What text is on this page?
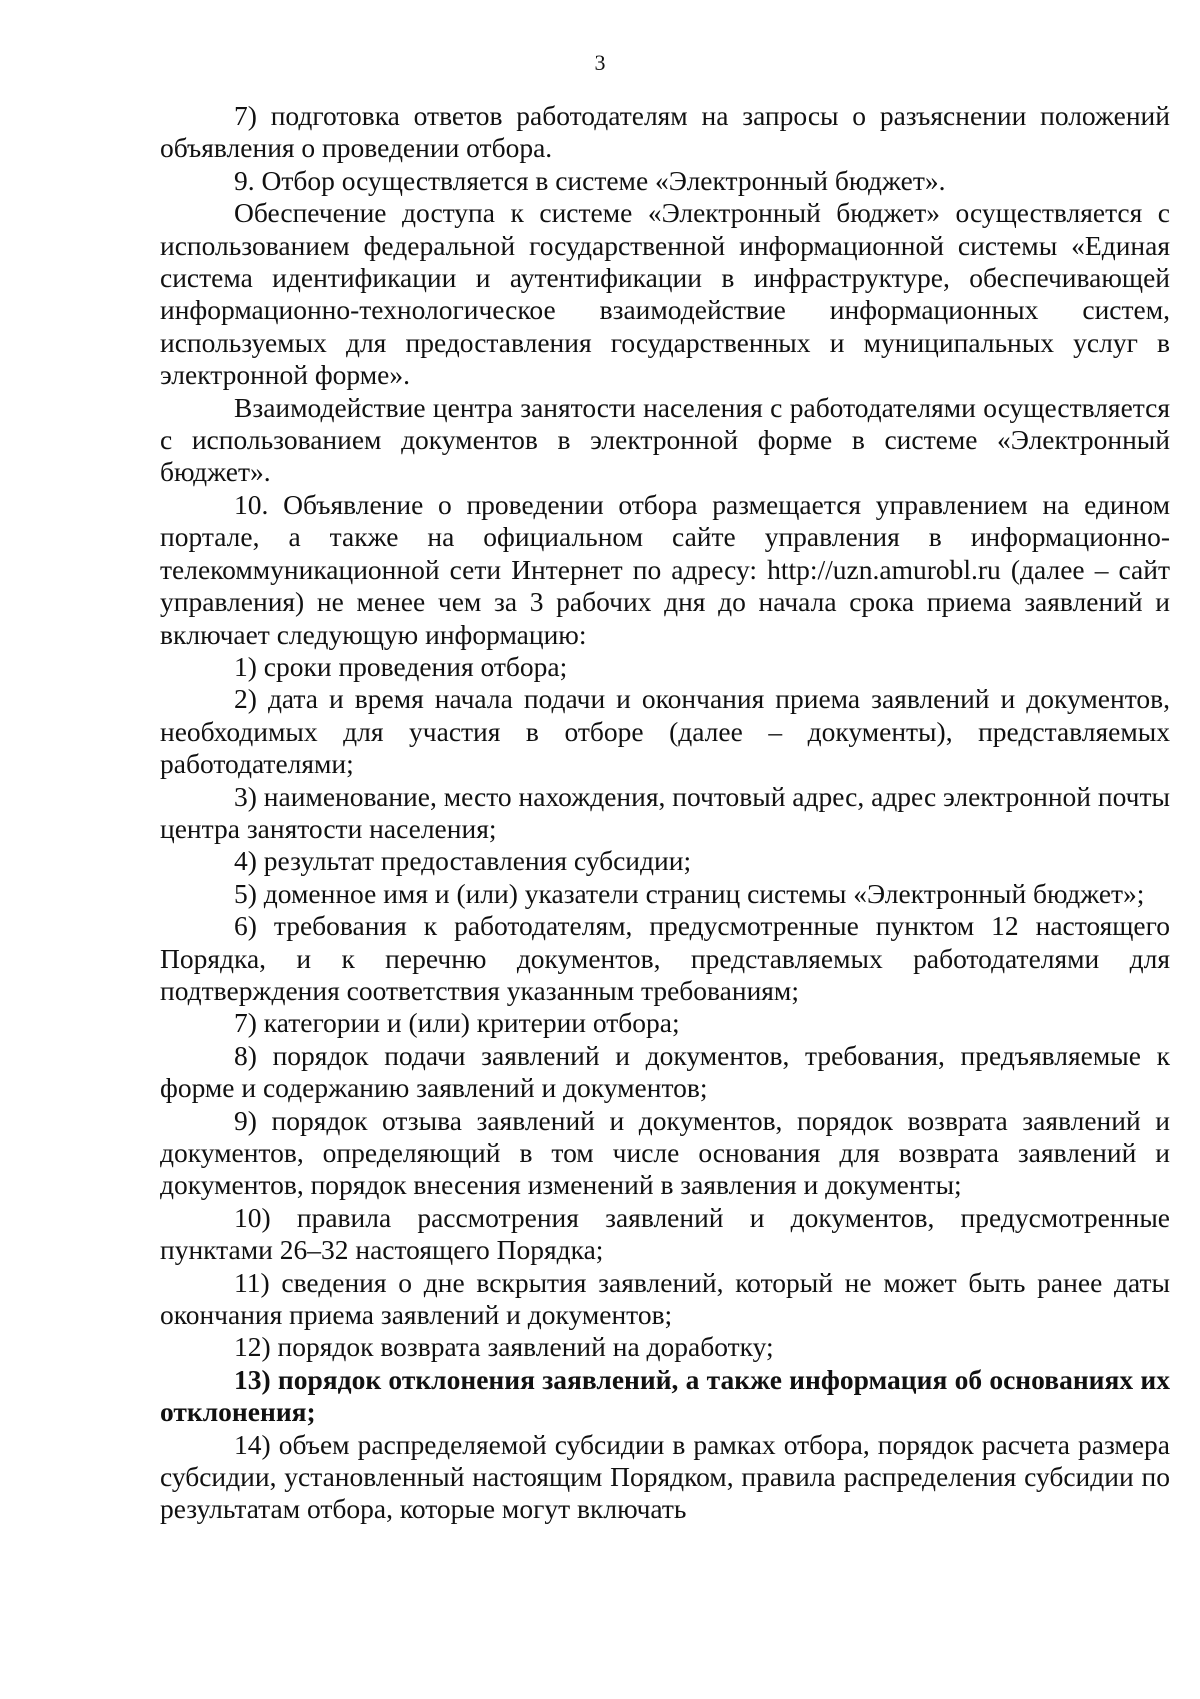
3

7) подготовка ответов работодателям на запросы о разъяснении положений объявления о проведении отбора.

9. Отбор осуществляется в системе «Электронный бюджет».

Обеспечение доступа к системе «Электронный бюджет» осуществляется с использованием федеральной государственной информационной системы «Единая система идентификации и аутентификации в инфраструктуре, обеспечивающей информационно-технологическое взаимодействие информационных систем, используемых для предоставления государственных и муниципальных услуг в электронной форме».

Взаимодействие центра занятости населения с работодателями осуществляется с использованием документов в электронной форме в системе «Электронный бюджет».

10. Объявление о проведении отбора размещается управлением на едином портале, а также на официальном сайте управления в информационно-телекоммуникационной сети Интернет по адресу: http://uzn.amurobl.ru (далее – сайт управления) не менее чем за 3 рабочих дня до начала срока приема заявлений и включает следующую информацию:

1) сроки проведения отбора;

2) дата и время начала подачи и окончания приема заявлений и документов, необходимых для участия в отборе (далее – документы), представляемых работодателями;

3) наименование, место нахождения, почтовый адрес, адрес электронной почты центра занятости населения;

4) результат предоставления субсидии;

5) доменное имя и (или) указатели страниц системы «Электронный бюджет»;

6) требования к работодателям, предусмотренные пунктом 12 настоящего Порядка, и к перечню документов, представляемых работодателями для подтверждения соответствия указанным требованиям;

7) категории и (или) критерии отбора;

8) порядок подачи заявлений и документов, требования, предъявляемые к форме и содержанию заявлений и документов;

9) порядок отзыва заявлений и документов, порядок возврата заявлений и документов, определяющий в том числе основания для возврата заявлений и документов, порядок внесения изменений в заявления и документы;

10) правила рассмотрения заявлений и документов, предусмотренные пунктами 26–32 настоящего Порядка;

11) сведения о дне вскрытия заявлений, который не может быть ранее даты окончания приема заявлений и документов;

12) порядок возврата заявлений на доработку;

13) порядок отклонения заявлений, а также информация об основаниях их отклонения;

14) объем распределяемой субсидии в рамках отбора, порядок расчета размера субсидии, установленный настоящим Порядком, правила распределения субсидии по результатам отбора, которые могут включать
